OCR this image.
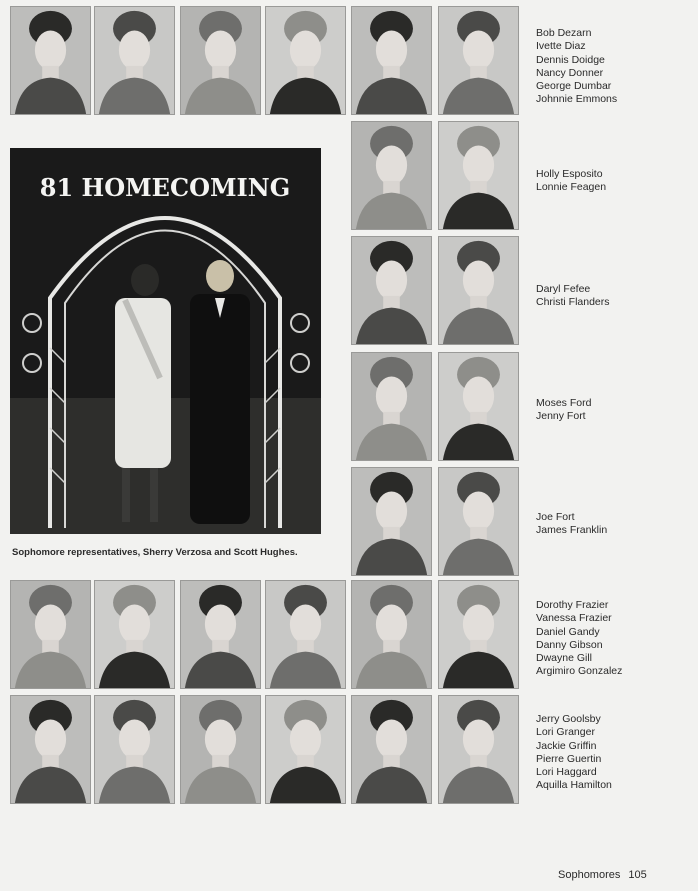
81 HOMECOMING
Sophomore representatives, Sherry Verzosa and Scott Hughes.
Bob Dezarn
Ivette Diaz
Dennis Doidge
Nancy Donner
George Dumbar
Johnnie Emmons
Holly Esposito
Lonnie Feagen
Daryl Fefee
Christi Flanders
Moses Ford
Jenny Fort
Joe Fort
James Franklin
Dorothy Frazier
Vanessa Frazier
Daniel Gandy
Danny Gibson
Dwayne Gill
Argimiro Gonzalez
Jerry Goolsby
Lori Granger
Jackie Griffin
Pierre Guertin
Lori Haggard
Aquilla Hamilton
Sophomores 105
